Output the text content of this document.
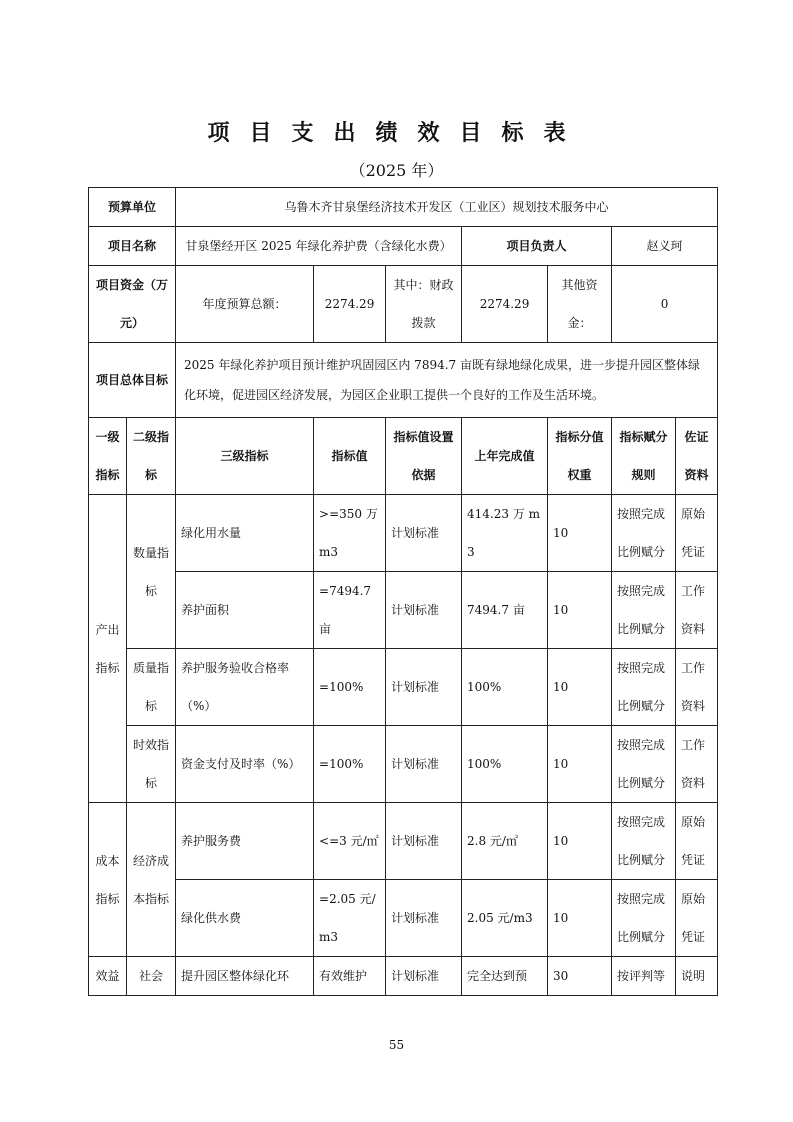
项目支出绩效目标表
（2025 年）
预算单位		乌鲁木齐甘泉堡经济技术开发区（工业区）规划技术服务中心						
项目名称		甘泉堡经开区 2025 年绿化养护费（含绿化水费）			项目负责人		赵义珂	
项目资金（万元）		年度预算总额：	2274.29	其中：财政拨款	2274.29	其他资金：	0	
项目总体目标		2025 年绿化养护项目预计维护巩固园区内 7894.7 亩既有绿地绿化成果，进一步提升园区整体绿化环境，促进园区经济发展，为园区企业职工提供一个良好的工作及生活环境。						
一级指标	二级指标	三级指标	指标值	指标值设置依据	上年完成值	指标分值权重	指标赋分规则	佐证资料
产出指标	数量指标	绿化用水量	>=350 万 m3	计划标准	414.23 万 m3	10	按照完成比例赋分	原始凭证
		养护面积	=7494.7 亩	计划标准	7494.7 亩	10	按照完成比例赋分	工作资料
	质量指标	养护服务验收合格率（%）	=100%	计划标准	100%	10	按照完成比例赋分	工作资料
	时效指标	资金支付及时率（%）	=100%	计划标准	100%	10	按照完成比例赋分	工作资料
成本指标	经济成本指标	养护服务费	<=3 元/㎡	计划标准	2.8 元/㎡	10	按照完成比例赋分	原始凭证
		绿化供水费	=2.05 元/m3	计划标准	2.05 元/m3	10	按照完成比例赋分	原始凭证
效益	社会	提升园区整体绿化环	有效维护	计划标准	完全达到预	30	按评判等	说明
55
